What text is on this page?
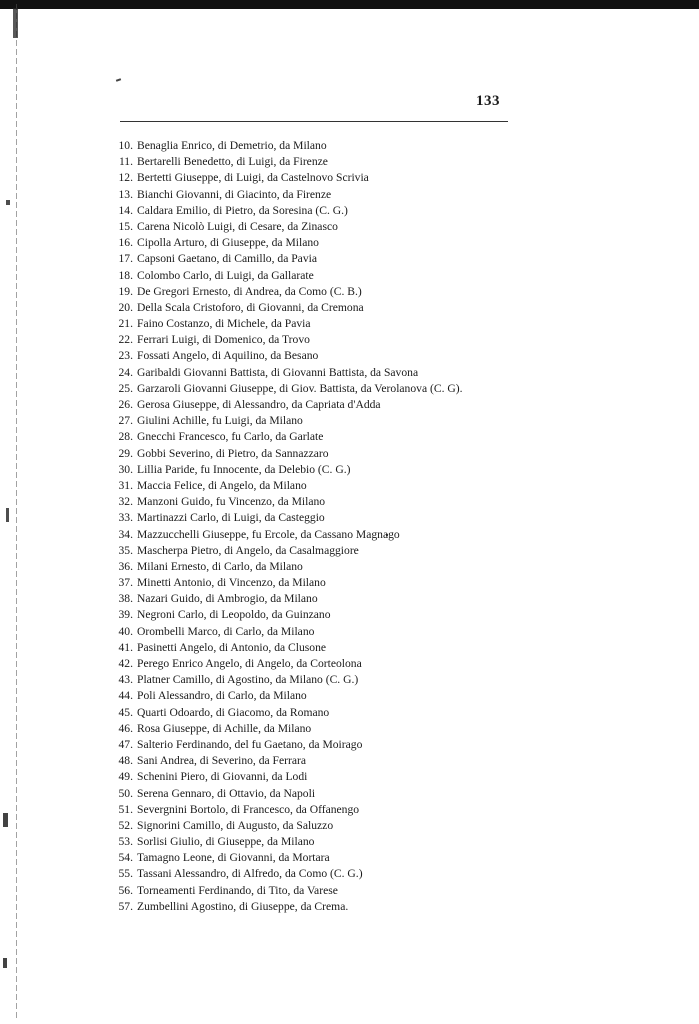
133
10. Benaglia Enrico, di Demetrio, da Milano
11. Bertarelli Benedetto, di Luigi, da Firenze
12. Bertetti Giuseppe, di Luigi, da Castelnovo Scrivia
13. Bianchi Giovanni, di Giacinto, da Firenze
14. Caldara Emilio, di Pietro, da Soresina (C. G.)
15. Carena Nicolò Luigi, di Cesare, da Zinasco
16. Cipolla Arturo, di Giuseppe, da Milano
17. Capsoni Gaetano, di Camillo, da Pavia
18. Colombo Carlo, di Luigi, da Gallarate
19. De Gregori Ernesto, di Andrea, da Como (C. B.)
20. Della Scala Cristoforo, di Giovanni, da Cremona
21. Faino Costanzo, di Michele, da Pavia
22. Ferrari Luigi, di Domenico, da Trovo
23. Fossati Angelo, di Aquilino, da Besano
24. Garibaldi Giovanni Battista, di Giovanni Battista, da Savona
25. Garzaroli Giovanni Giuseppe, di Giov. Battista, da Verolanova (C. G).
26. Gerosa Giuseppe, di Alessandro, da Capriata d'Adda
27. Giulini Achille, fu Luigi, da Milano
28. Gnecchi Francesco, fu Carlo, da Garlate
29. Gobbi Severino, di Pietro, da Sannazzaro
30. Lillia Paride, fu Innocente, da Delebio (C. G.)
31. Maccia Felice, di Angelo, da Milano
32. Manzoni Guido, fu Vincenzo, da Milano
33. Martinazzi Carlo, di Luigi, da Casteggio
34. Mazzucchelli Giuseppe, fu Ercole, da Cassano Magnago
35. Mascherpa Pietro, di Angelo, da Casalmaggiore
36. Milani Ernesto, di Carlo, da Milano
37. Minetti Antonio, di Vincenzo, da Milano
38. Nazari Guido, di Ambrogio, da Milano
39. Negroni Carlo, di Leopoldo, da Guinzano
40. Orombelli Marco, di Carlo, da Milano
41. Pasinetti Angelo, di Antonio, da Clusone
42. Perego Enrico Angelo, di Angelo, da Corteolona
43. Platner Camillo, di Agostino, da Milano (C. G.)
44. Poli Alessandro, di Carlo, da Milano
45. Quarti Odoardo, di Giacomo, da Romano
46. Rosa Giuseppe, di Achille, da Milano
47. Salterio Ferdinando, del fu Gaetano, da Moirago
48. Sani Andrea, di Severino, da Ferrara
49. Schenini Piero, di Giovanni, da Lodi
50. Serena Gennaro, di Ottavio, da Napoli
51. Severgnini Bortolo, di Francesco, da Offanengo
52. Signorini Camillo, di Augusto, da Saluzzo
53. Sorlisi Giulio, di Giuseppe, da Milano
54. Tamagno Leone, di Giovanni, da Mortara
55. Tassani Alessandro, di Alfredo, da Como (C. G.)
56. Torneamenti Ferdinando, di Tito, da Varese
57. Zumbellini Agostino, di Giuseppe, da Crema.
